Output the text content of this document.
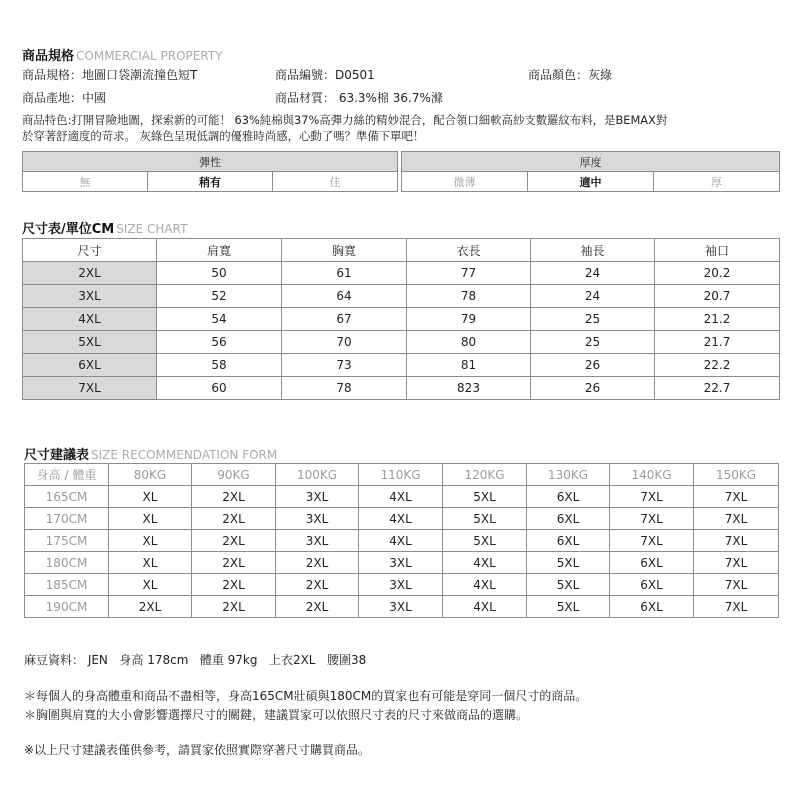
商品規格 COMMERCIAL PROPERTY
商品規格：地圖口袋潮流撞色短T	商品編號：D0501	商品顏色：灰綠
商品產地：中國	商品材質： 63.3%棉 36.7%滌
商品特色:打開冒險地圖，探索新的可能！ 63%純棉與37%高彈力絲的精妙混合，配合領口細軟高紗支數羅紋布料，是BEMAX對
於穿著舒適度的苛求。 灰綠色呈現低調的優雅時尚感，心動了嗎？準備下單吧！
彈性				厚度		
無	稍有	佳		微薄	適中	厚
尺寸表/單位CM SIZE CHART
尺寸	肩寬	胸寬	衣長	袖長	袖口
2XL	50	61	77	24	20.2
3XL	52	64	78	24	20.7
4XL	54	67	79	25	21.2
5XL	56	70	80	25	21.7
6XL	58	73	81	26	22.2
7XL	60	78	823	26	22.7
尺寸建議表 SIZE RECOMMENDATION FORM
身高 / 體重	80KG	90KG	100KG	110KG	120KG	130KG	140KG	150KG
165CM	XL	2XL	3XL	4XL	5XL	6XL	7XL	7XL
170CM	XL	2XL	3XL	4XL	5XL	6XL	7XL	7XL
175CM	XL	2XL	3XL	4XL	5XL	6XL	7XL	7XL
180CM	XL	2XL	2XL	3XL	4XL	5XL	6XL	7XL
185CM	XL	2XL	2XL	3XL	4XL	5XL	6XL	7XL
190CM	2XL	2XL	2XL	3XL	4XL	5XL	6XL	7XL
麻豆資料： JEN 身高 178cm 體重 97kg 上衣2XL 腰圍38
＊每個人的身高體重和商品不盡相等，身高165CM壯碩與180CM的買家也有可能是穿同一個尺寸的商品。
＊胸圍與肩寬的大小會影響選擇尺寸的關鍵，建議買家可以依照尺寸表的尺寸來做商品的選購。
※以上尺寸建議表僅供參考，請買家依照實際穿著尺寸購買商品。
